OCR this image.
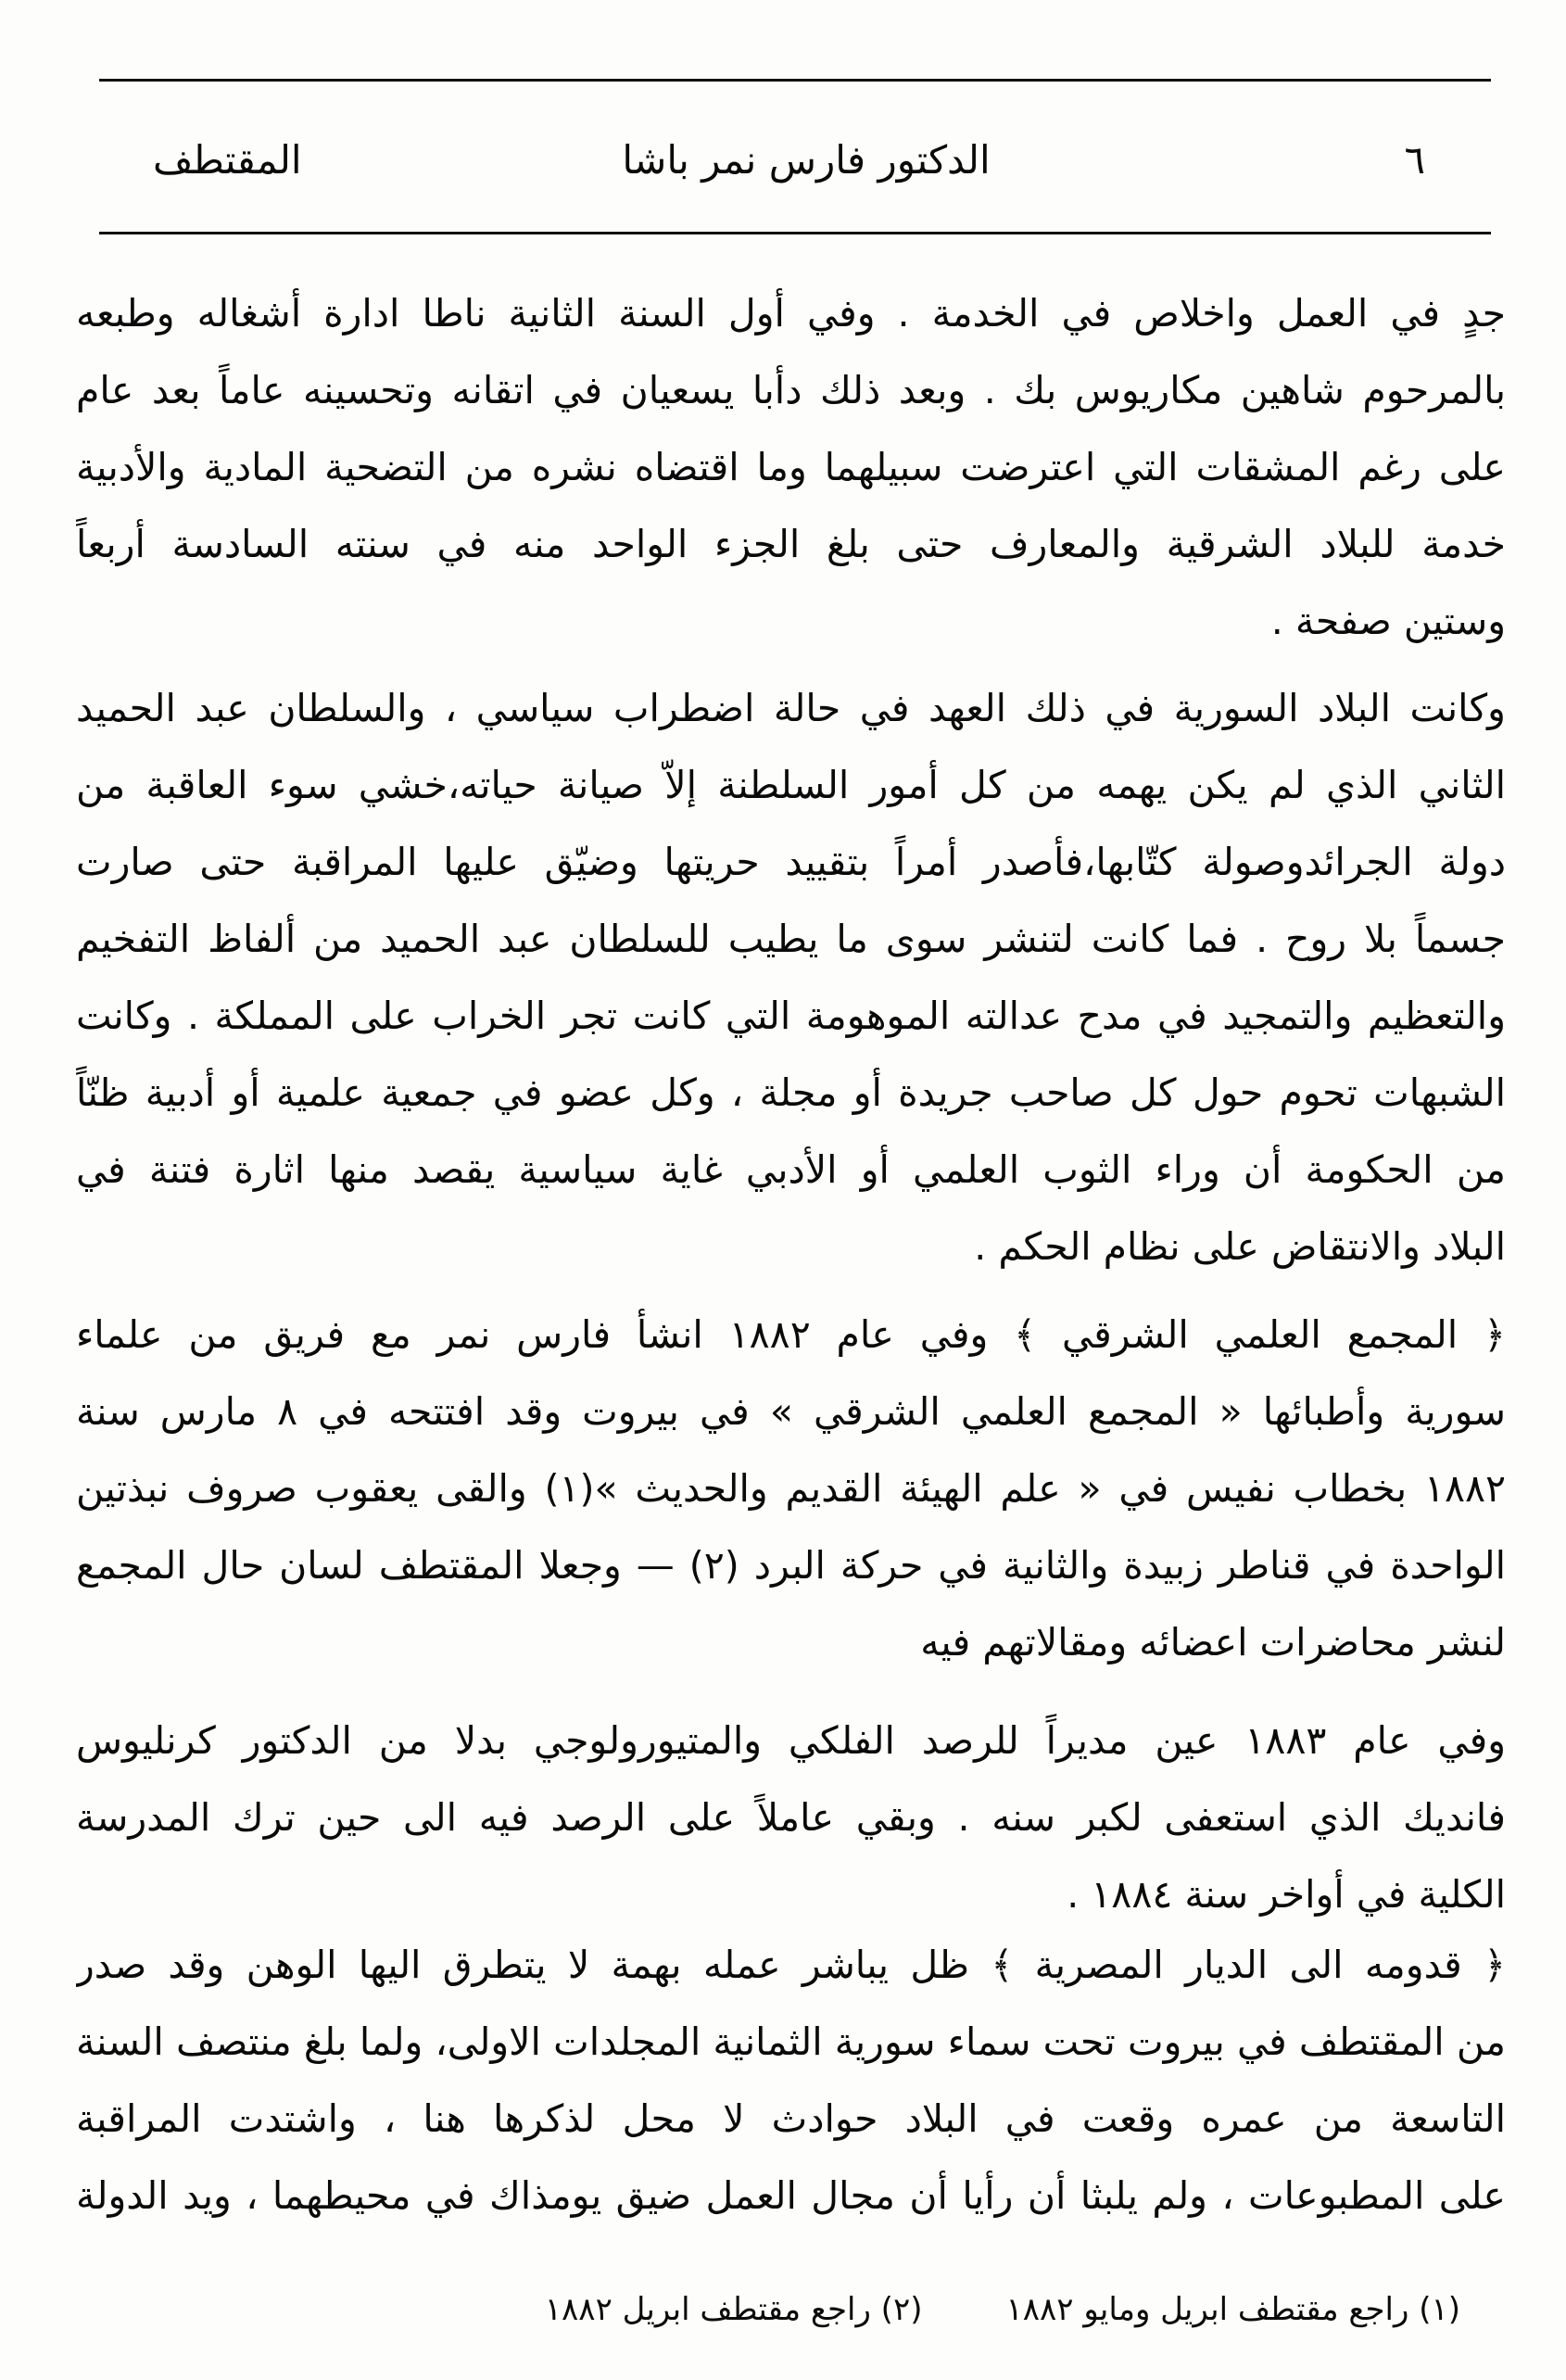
٦
الدكتور فارس نمر باشا
المقتطف
جدٍ في العمل واخلاص في الخدمة . وفي أول السنة الثانية ناطا ادارة أشغاله وطبعه
بالمرحوم شاهين مكاريوس بك . وبعد ذلك دأبا يسعيان في اتقانه وتحسينه عاماً بعد عام
على رغم المشقات التي اعترضت سبيلهما وما اقتضاه نشره من التضحية المادية والأدبية
خدمة للبلاد الشرقية والمعارف حتى بلغ الجزء الواحد منه في سنته السادسة أربعاً
وستين صفحة .
وكانت البلاد السورية في ذلك العهد في حالة اضطراب سياسي ، والسلطان عبد الحميد
الثاني الذي لم يكن يهمه من كل أمور السلطنة إلاّ صيانة حياته،خشي سوء العاقبة من
دولة الجرائدوصولة كتّابها،فأصدر أمراً بتقييد حريتها وضيّق عليها المراقبة حتى صارت
جسماً بلا روح . فما كانت لتنشر سوى ما يطيب للسلطان عبد الحميد من ألفاظ التفخيم
والتعظيم والتمجيد في مدح عدالته الموهومة التي كانت تجر الخراب على المملكة . وكانت
الشبهات تحوم حول كل صاحب جريدة أو مجلة ، وكل عضو في جمعية علمية أو أدبية ظنّاً
من الحكومة أن وراء الثوب العلمي أو الأدبي غاية سياسية يقصد منها اثارة فتنة في
البلاد والانتقاض على نظام الحكم .
﴿ المجمع العلمي الشرقي ﴾ وفي عام ١٨٨٢ انشأ فارس نمر مع فريق من علماء
سورية وأطبائها « المجمع العلمي الشرقي » في بيروت وقد افتتحه في ٨ مارس سنة
١٨٨٢ بخطاب نفيس في « علم الهيئة القديم والحديث »(١) والقى يعقوب صروف نبذتين
الواحدة في قناطر زبيدة والثانية في حركة البرد (٢) — وجعلا المقتطف لسان حال المجمع
لنشر محاضرات اعضائه ومقالاتهم فيه
وفي عام ١٨٨٣ عين مديراً للرصد الفلكي والمتيورولوجي بدلا من الدكتور كرنليوس
فانديك الذي استعفى لكبر سنه . وبقي عاملاً على الرصد فيه الى حين ترك المدرسة
الكلية في أواخر سنة ١٨٨٤ .
﴿ قدومه الى الديار المصرية ﴾ ظل يباشر عمله بهمة لا يتطرق اليها الوهن وقد صدر
من المقتطف في بيروت تحت سماء سورية الثمانية المجلدات الاولى، ولما بلغ منتصف السنة
التاسعة من عمره وقعت في البلاد حوادث لا محل لذكرها هنا ، واشتدت المراقبة
على المطبوعات ، ولم يلبثا أن رأيا أن مجال العمل ضيق يومذاك في محيطهما ، ويد الدولة
(١) راجع مقتطف ابريل ومايو ١٨٨٢
(٢) راجع مقتطف ابريل ١٨٨٢
